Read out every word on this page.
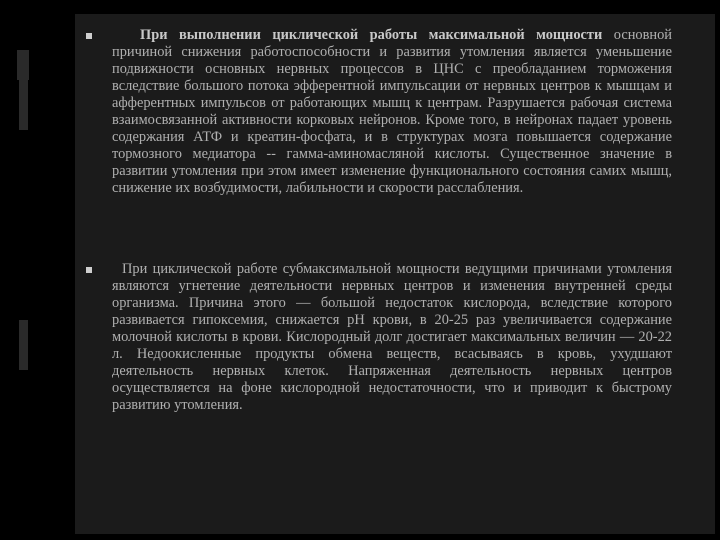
При выполнении циклической работы максимальной мощности основной причиной снижения работоспособности и развития утомления является уменьшение подвижности основных нервных процессов в ЦНС с преобладанием торможения вследствие большого потока эфферентной импульсации от нервных центров к мышцам и афферентных импульсов от работающих мышц к центрам. Разрушается рабочая система взаимосвязанной активности корковых нейронов. Кроме того, в нейронах падает уровень содержания АТФ и креатин-фосфата, и в структурах мозга повышается содержание тормозного медиатора -- гамма-аминомасляной кислоты. Существенное значение в развитии утомления при этом имеет изменение функционального состояния самих мышц, снижение их возбудимости, лабильности и скорости расслабления.

При циклической работе субмаксимальной мощности ведущими причинами утомления являются угнетение деятельности нервных центров и изменения внутренней среды организма. Причина этого — большой недостаток кислорода, вследствие которого развивается гипоксемия, снижается pH крови, в 20-25 раз увеличивается содержание молочной кислоты в крови. Кислородный долг достигает максимальных величин — 20-22 л. Недоокисленные продукты обмена веществ, всасываясь в кровь, ухудшают деятельность нервных клеток. Напряженная деятельность нервных центров осуществляется на фоне кислородной недостаточности, что и приводит к быстрому развитию утомления.
